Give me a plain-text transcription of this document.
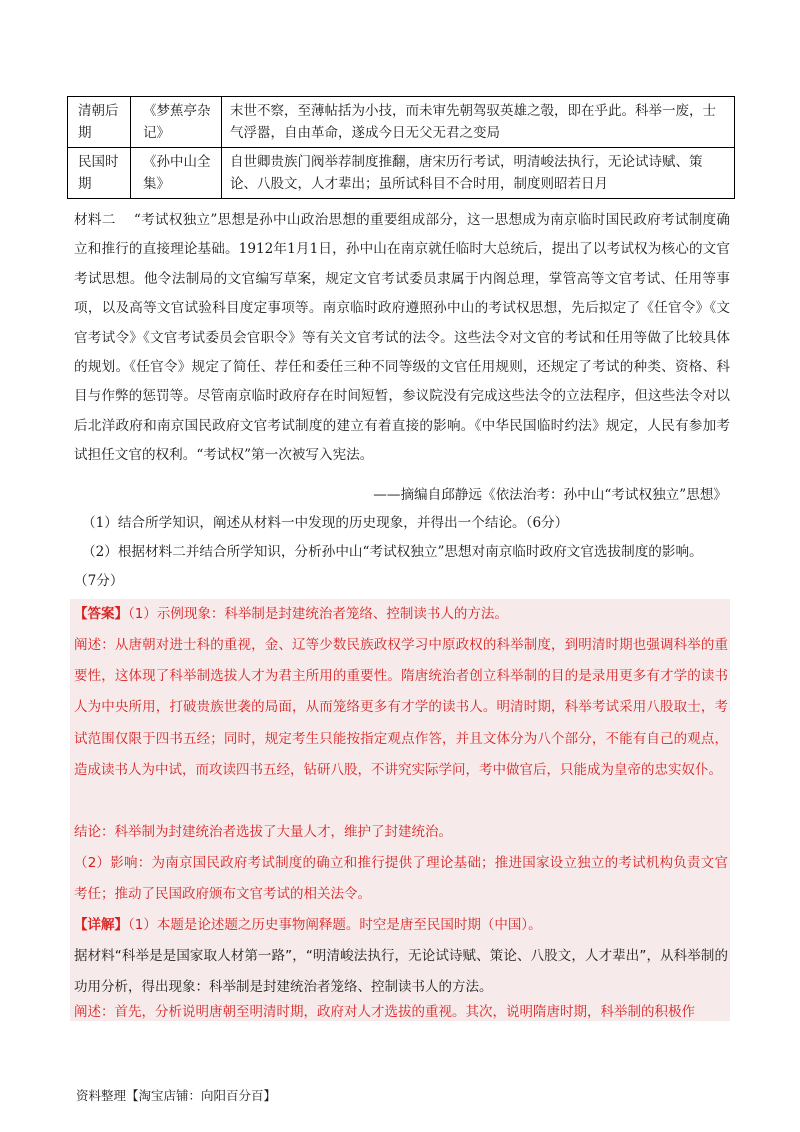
清朝后期	《梦蕉亭杂记》	末世不察，至薄帖括为小技，而未审先朝驾驭英雄之彀，即在乎此。科举一废，士气浮嚣，自由革命，遂成今日无父无君之变局
民国时期	《孙中山全集》	自世卿贵族门阀举荐制度推翻，唐宋历行考试，明清峻法执行，无论试诗赋、策论、八股文，人才辈出；虽所试科目不合时用，制度则昭若日月
材料二 “考试权独立”思想是孙中山政治思想的重要组成部分，这一思想成为南京临时国民政府考试制度确立和推行的直接理论基础。1912年1月1日，孙中山在南京就任临时大总统后，提出了以考试权为核心的文官考试思想。他令法制局的文官编写草案，规定文官考试委员隶属于内阁总理，掌管高等文官考试、任用等事项，以及高等文官试验科目度定事项等。南京临时政府遵照孙中山的考试权思想，先后拟定了《任官令》《文官考试令》《文官考试委员会官职令》等有关文官考试的法令。这些法令对文官的考试和任用等做了比较具体的规划。《任官令》规定了简任、荐任和委任三种不同等级的文官任用规则，还规定了考试的种类、资格、科目与作弊的惩罚等。尽管南京临时政府存在时间短暂，参议院没有完成这些法令的立法程序，但这些法令对以后北洋政府和南京国民政府文官考试制度的建立有着直接的影响。《中华民国临时约法》规定，人民有参加考试担任文官的权利。“考试权”第一次被写入宪法。
——摘编自邱静远《依法治考：孙中山“考试权独立”思想》
（1）结合所学知识，阐述从材料一中发现的历史现象，并得出一个结论。（6分）
（2）根据材料二并结合所学知识，分析孙中山“考试权独立”思想对南京临时政府文官选拔制度的影响。
（7分）
【答案】（1）示例现象：科举制是封建统治者笼络、控制读书人的方法。
阐述：从唐朝对进士科的重视，金、辽等少数民族政权学习中原政权的科举制度，到明清时期也强调科举的重要性，这体现了科举制选拔人才为君主所用的重要性。隋唐统治者创立科举制的目的是录用更多有才学的读书人为中央所用，打破贵族世袭的局面，从而笼络更多有才学的读书人。明清时期，科举考试采用八股取士，考试范围仅限于四书五经；同时，规定考生只能按指定观点作答，并且文体分为八个部分，不能有自己的观点，造成读书人为中试，而攻读四书五经，钻研八股，不讲究实际学问，考中做官后，只能成为皇帝的忠实奴仆。
结论：科举制为封建统治者选拔了大量人才，维护了封建统治。
（2）影响：为南京国民政府考试制度的确立和推行提供了理论基础；推进国家设立独立的考试机构负责文官考任；推动了民国政府颁布文官考试的相关法令。
【详解】（1）本题是论述题之历史事物阐释题。时空是唐至民国时期（中国）。
据材料“科举是是国家取人材第一路”，“明清峻法执行，无论试诗赋、策论、八股文，人才辈出”，从科举制的功用分析，得出现象：科举制是封建统治者笼络、控制读书人的方法。
阐述：首先，分析说明唐朝至明清时期，政府对人才选拔的重视。其次，说明隋唐时期，科举制的积极作
资料整理【淘宝店铺：向阳百分百】
